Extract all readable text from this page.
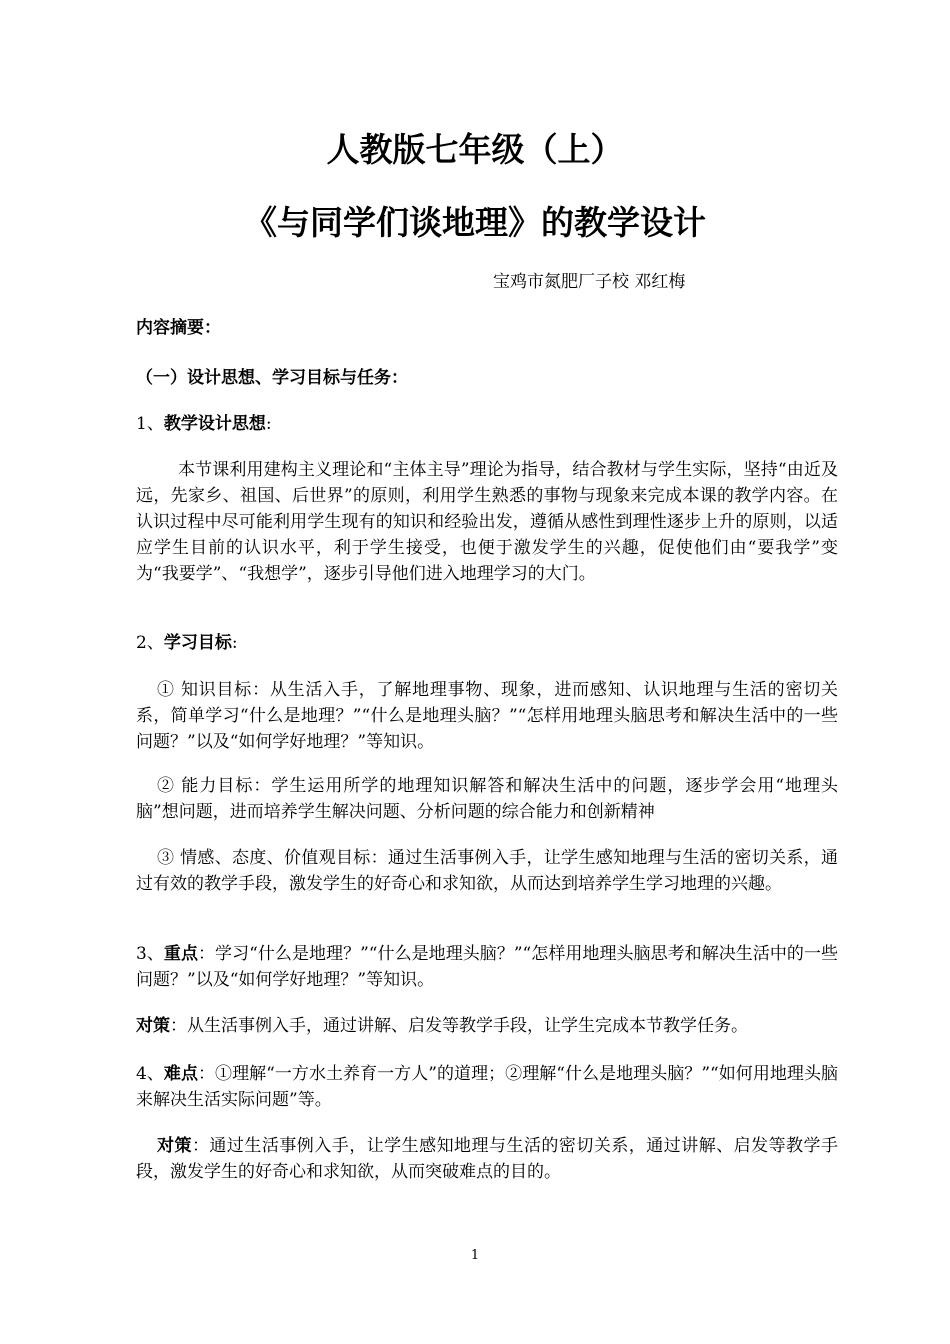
人教版七年级（上）
《与同学们谈地理》的教学设计
宝鸡市氮肥厂子校 邓红梅
内容摘要：
（一）设计思想、学习目标与任务：
1、教学设计思想:
本节课利用建构主义理论和“主体主导”理论为指导，结合教材与学生实际，坚持“由近及远，先家乡、祖国、后世界”的原则，利用学生熟悉的事物与现象来完成本课的教学内容。在认识过程中尽可能利用学生现有的知识和经验出发，遵循从感性到理性逐步上升的原则，以适应学生目前的认识水平，利于学生接受，也便于激发学生的兴趣，促使他们由“要我学”变为“我要学”、“我想学”，逐步引导他们进入地理学习的大门。
2、学习目标:
① 知识目标：从生活入手，了解地理事物、现象，进而感知、认识地理与生活的密切关系，简单学习“什么是地理？”“什么是地理头脑？”“怎样用地理头脑思考和解决生活中的一些问题？”以及“如何学好地理？”等知识。
② 能力目标：学生运用所学的地理知识解答和解决生活中的问题，逐步学会用“地理头脑”想问题，进而培养学生解决问题、分析问题的综合能力和创新精神
③ 情感、态度、价值观目标：通过生活事例入手，让学生感知地理与生活的密切关系，通过有效的教学手段，激发学生的好奇心和求知欲，从而达到培养学生学习地理的兴趣。
3、重点：学习“什么是地理？”“什么是地理头脑？”“怎样用地理头脑思考和解决生活中的一些问题？”以及“如何学好地理？”等知识。
对策：从生活事例入手，通过讲解、启发等教学手段，让学生完成本节教学任务。
4、难点：①理解“一方水土养育一方人”的道理；②理解“什么是地理头脑？”“如何用地理头脑来解决生活实际问题”等。
对策：通过生活事例入手，让学生感知地理与生活的密切关系，通过讲解、启发等教学手段，激发学生的好奇心和求知欲，从而突破难点的目的。
1
